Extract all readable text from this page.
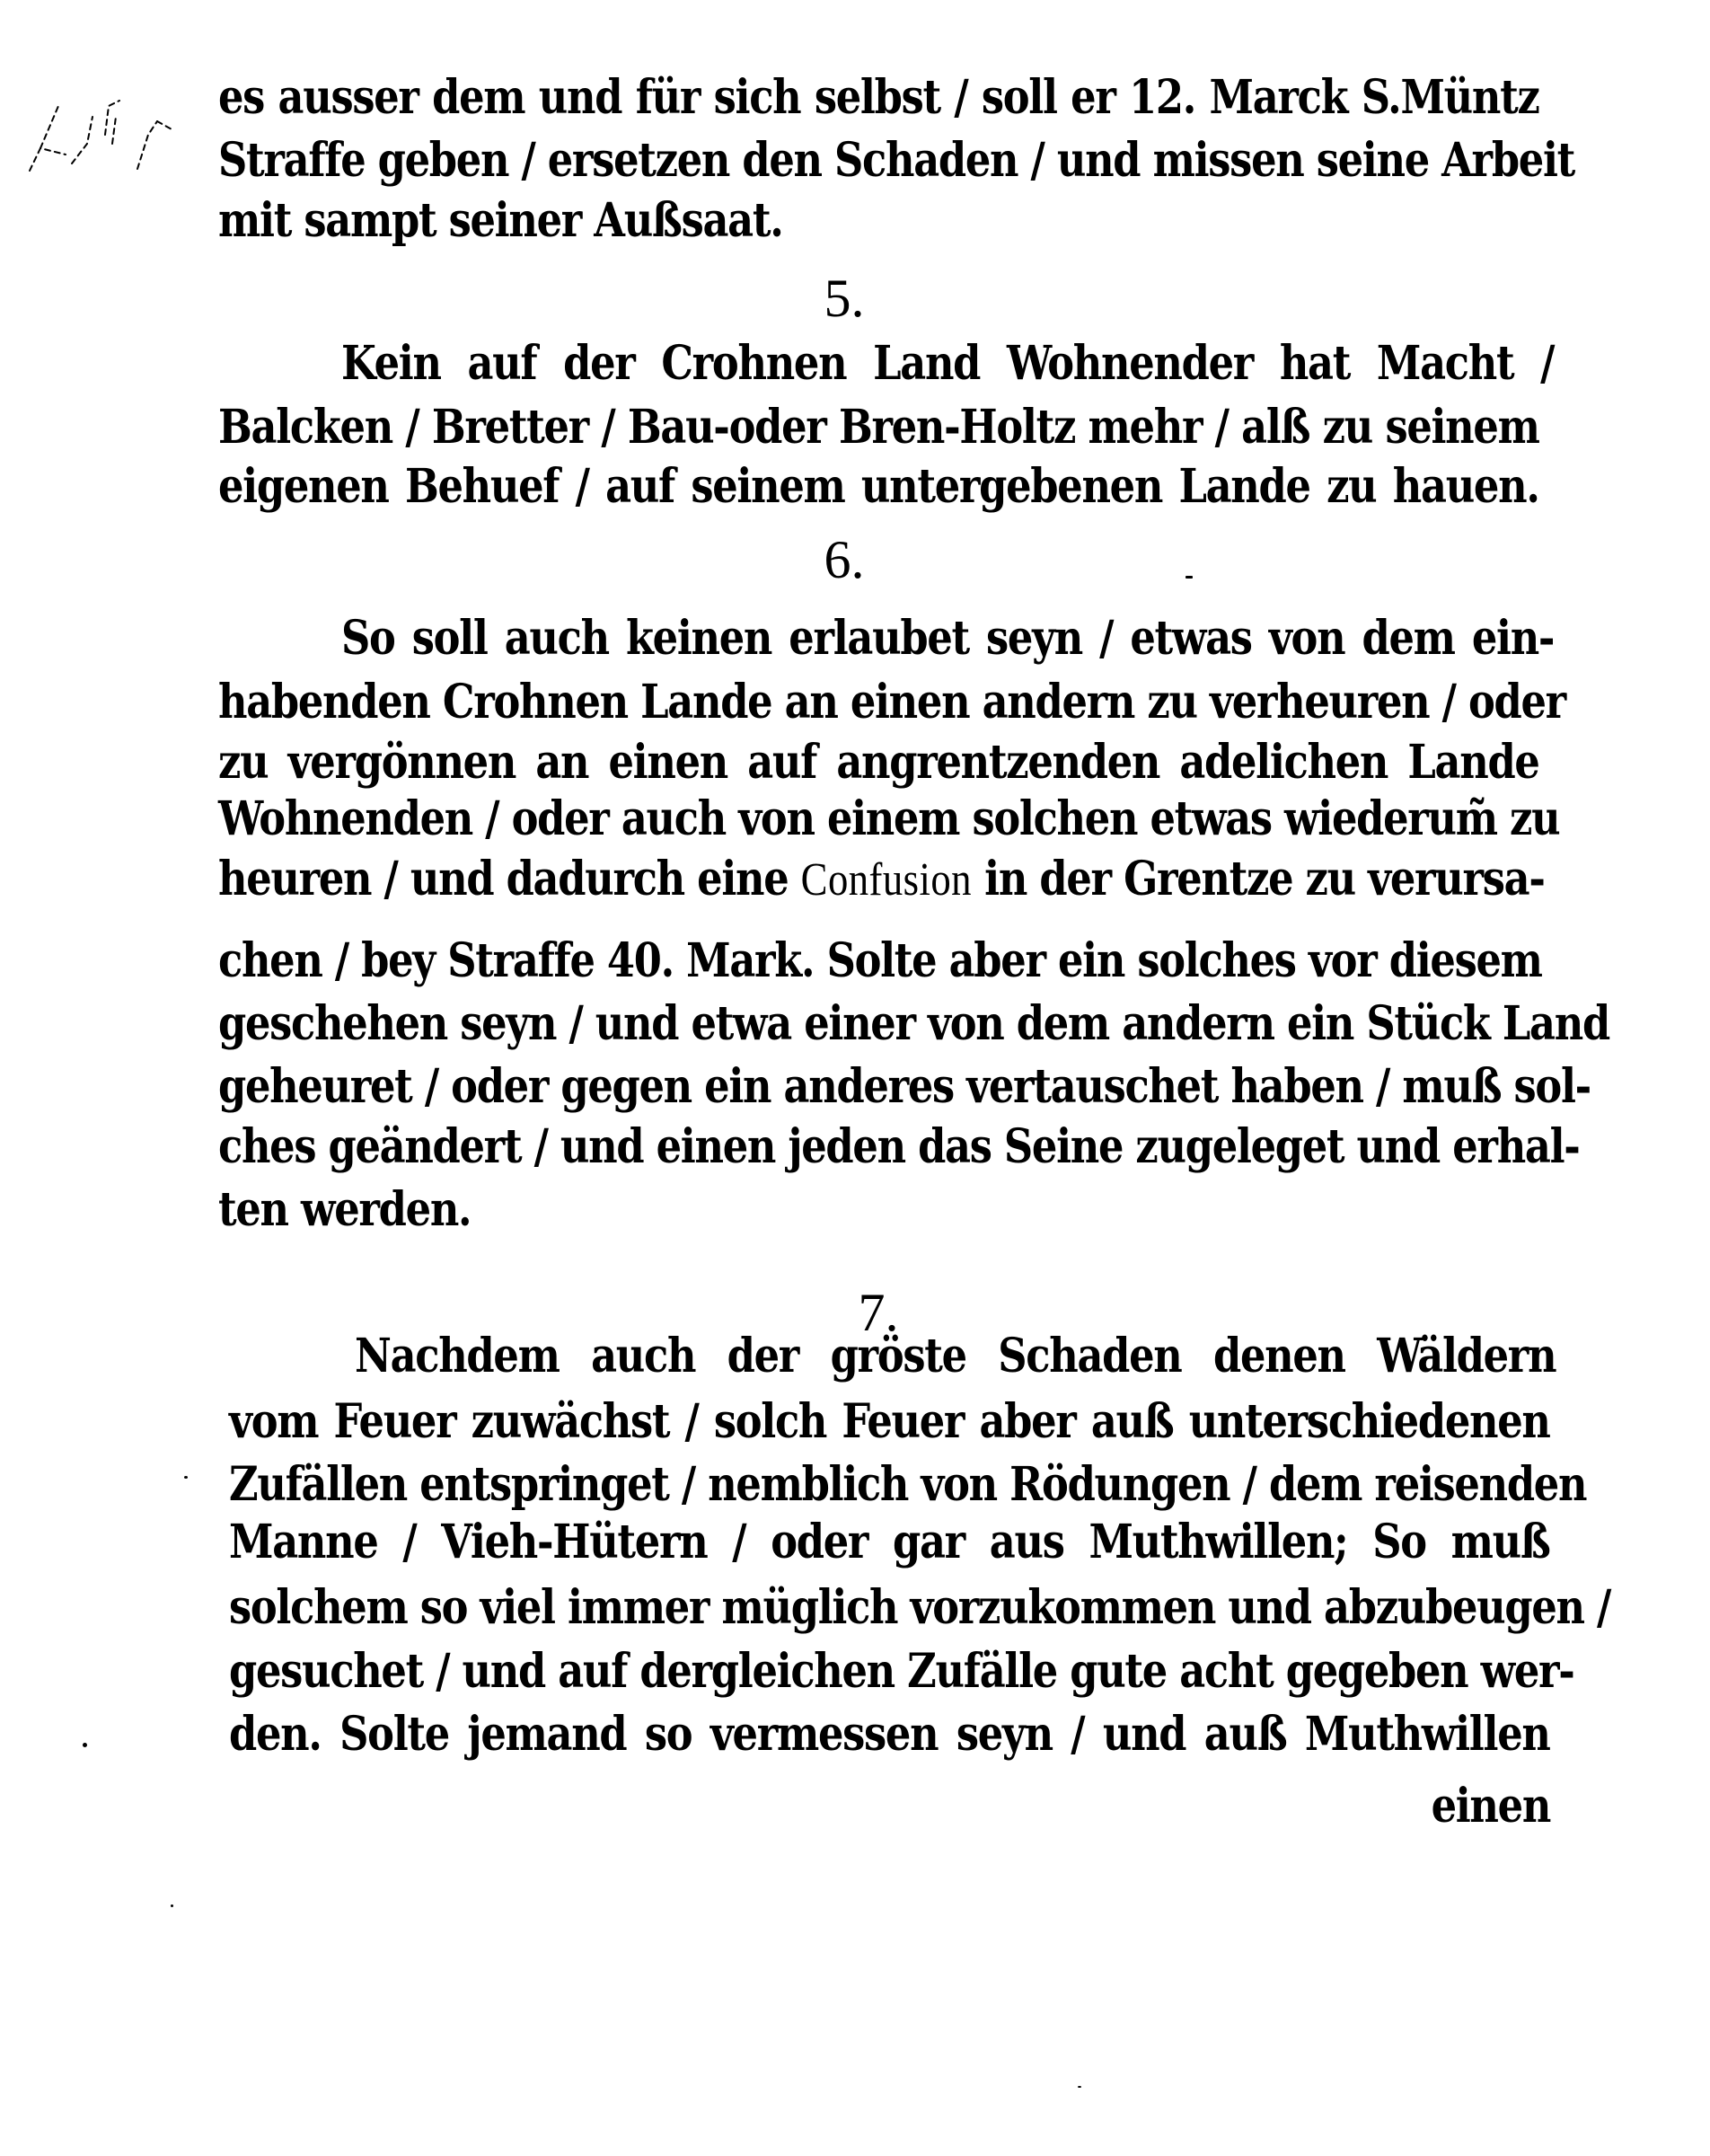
es ausser dem und für sich selbst / soll er 12. Marck S.Müntz
Straffe geben / ersetzen den Schaden / und missen seine Arbeit
mit sampt seiner Außsaat.
5.
Kein auf der Crohnen Land Wohnender hat Macht /
Balcken / Bretter / Bau-oder Bren-Holtz mehr / alß zu seinem
eigenen Behuef / auf seinem untergebenen Lande zu hauen.
6.
So soll auch keinen erlaubet seyn / etwas von dem ein-
habenden Crohnen Lande an einen andern zu verheuren / oder
zu vergönnen an einen auf angrentzenden adelichen Lande
Wohnenden / oder auch von einem solchen etwas wiederum̃ zu
heuren / und dadurch eine Confusion in der Grentze zu verursa-
chen / bey Straffe 40. Mark. Solte aber ein solches vor diesem
geschehen seyn / und etwa einer von dem andern ein Stück Land
geheuret / oder gegen ein anderes vertauschet haben / muß sol-
ches geändert / und einen jeden das Seine zugeleget und erhal-
ten werden.
7.
Nachdem auch der gröste Schaden denen Wäldern
vom Feuer zuwächst / solch Feuer aber auß unterschiedenen
Zufällen entspringet / nemblich von Rödungen / dem reisenden
Manne / Vieh-Hütern / oder gar aus Muthwillen; So muß
solchem so viel immer müglich vorzukommen und abzubeugen /
gesuchet / und auf dergleichen Zufälle gute acht gegeben wer-
den. Solte jemand so vermessen seyn / und auß Muthwillen
einen
